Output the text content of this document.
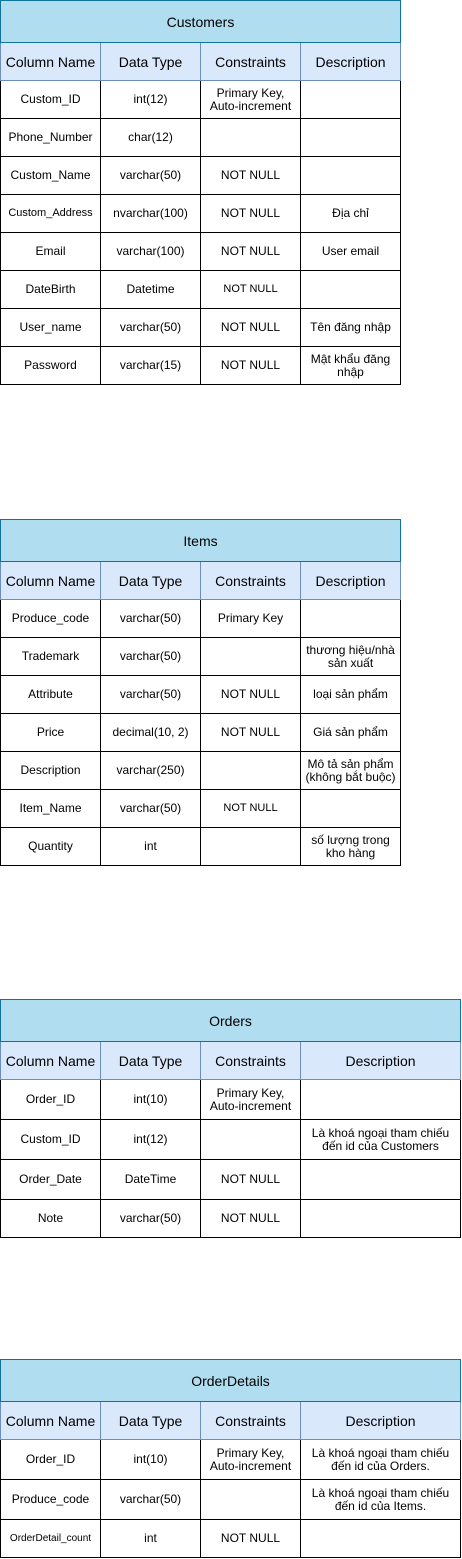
Customers			
Column Name	Data Type	Constraints	Description
Custom_ID	int(12)	Primary Key, Auto-increment	
Phone_Number	char(12)		
Custom_Name	varchar(50)	NOT NULL	
Custom_Address	nvarchar(100)	NOT NULL	Địa chỉ
Email	varchar(100)	NOT NULL	User email
DateBirth	Datetime	NOT NULL	
User_name	varchar(50)	NOT NULL	Tên đăng nhập
Password	varchar(15)	NOT NULL	Mật khẩu đăng nhập
Items			
Column Name	Data Type	Constraints	Description
Produce_code	varchar(50)	Primary Key	
Trademark	varchar(50)		thương hiệu/nhà sản xuất
Attribute	varchar(50)	NOT NULL	loại sản phẩm
Price	decimal(10, 2)	NOT NULL	Giá sản phẩm
Description	varchar(250)		Mô tả sản phẩm (không bắt buộc)
Item_Name	varchar(50)	NOT NULL	
Quantity	int		số lượng trong kho hàng
Orders			
Column Name	Data Type	Constraints	Description
Order_ID	int(10)	Primary Key, Auto-increment	
Custom_ID	int(12)		Là khoá ngoại tham chiếu đến id của Customers
Order_Date	DateTime	NOT NULL	
Note	varchar(50)	NOT NULL	
OrderDetails			
Column Name	Data Type	Constraints	Description
Order_ID	int(10)	Primary Key, Auto-increment	Là khoá ngoại tham chiếu đến id của Orders.
Produce_code	varchar(50)		Là khoá ngoại tham chiếu đến id của Items.
OrderDetail_count	int	NOT NULL	
